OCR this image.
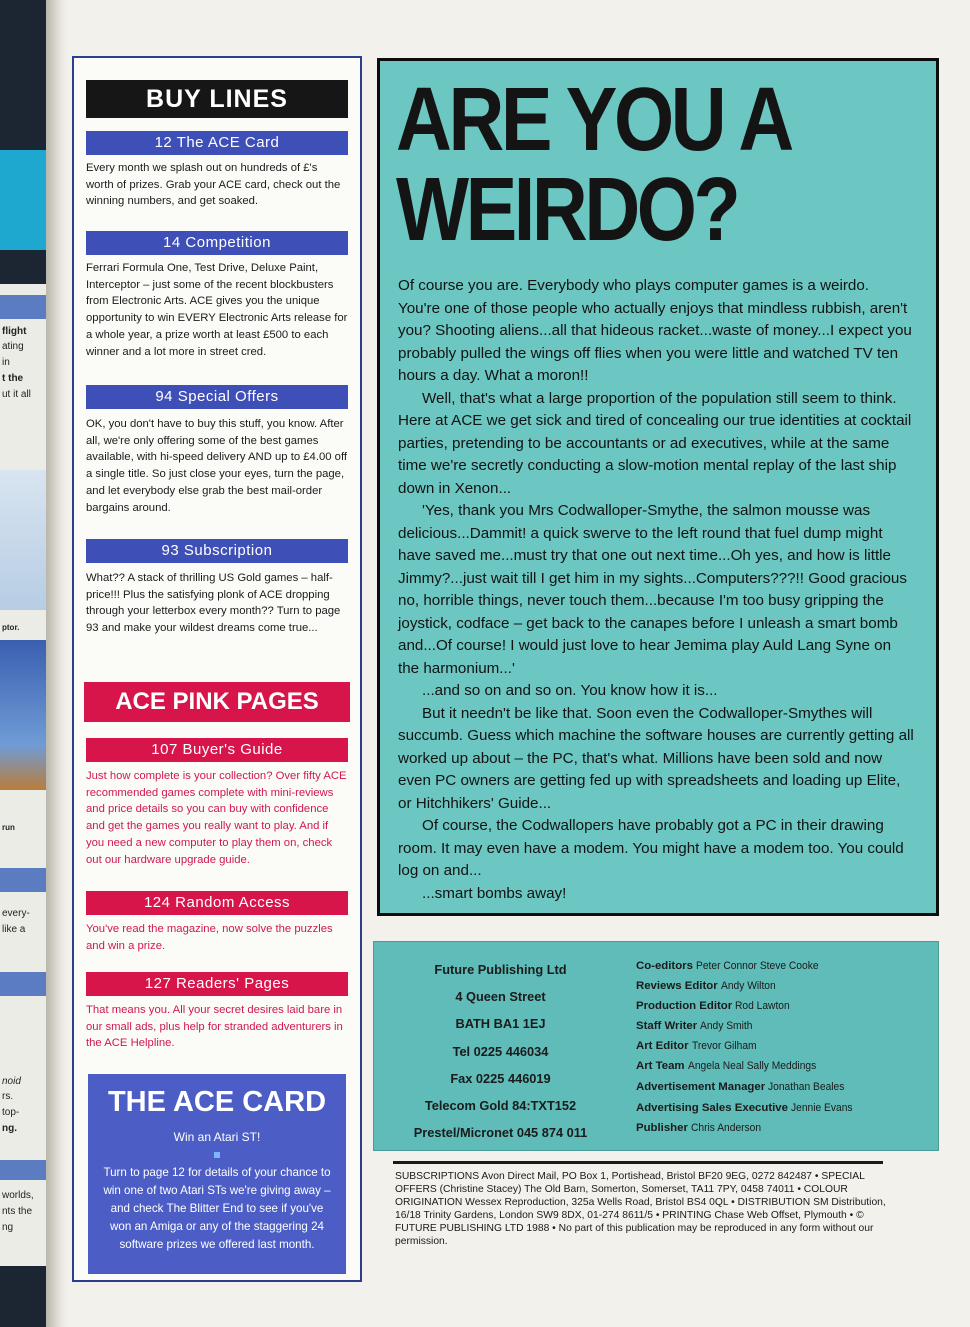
flight
ating
in
t the
ut it all
ptor.
run
every-
like a
noid
rs.
top-
ng.
worlds,
nts the
ng
BUY LINES
12 The ACE Card
Every month we splash out on hundreds of £'s worth of prizes. Grab your ACE card, check out the winning numbers, and get soaked.
14 Competition
Ferrari Formula One, Test Drive, Deluxe Paint, Interceptor – just some of the recent blockbusters from Electronic Arts. ACE gives you the unique opportunity to win EVERY Electronic Arts release for a whole year, a prize worth at least £500 to each winner and a lot more in street cred.
94 Special Offers
OK, you don't have to buy this stuff, you know. After all, we're only offering some of the best games available, with hi-speed delivery AND up to £4.00 off a single title. So just close your eyes, turn the page, and let everybody else grab the best mail-order bargains around.
93 Subscription
What?? A stack of thrilling US Gold games – half-price!!! Plus the satisfying plonk of ACE dropping through your letterbox every month?? Turn to page 93 and make your wildest dreams come true...
ACE PINK PAGES
107 Buyer's Guide
Just how complete is your collection? Over fifty ACE recommended games complete with mini-reviews and price details so you can buy with confidence and get the games you really want to play. And if you need a new computer to play them on, check out our hardware upgrade guide.
124 Random Access
You've read the magazine, now solve the puzzles and win a prize.
127 Readers' Pages
That means you. All your secret desires laid bare in our small ads, plus help for stranded adventurers in the ACE Helpline.
THE ACE CARD
Win an Atari ST!
Turn to page 12 for details of your chance to win one of two Atari STs we're giving away – and check The Blitter End to see if you've won an Amiga or any of the staggering 24 software prizes we offered last month.
ARE YOU A
WEIRDO?

Of course you are. Everybody who plays computer games is a weirdo. You're one of those people who actually enjoys that mindless rubbish, aren't you? Shooting aliens...all that hideous racket...waste of money...I expect you probably pulled the wings off flies when you were little and watched TV ten hours a day. What a moron!!

Well, that's what a large proportion of the population still seem to think. Here at ACE we get sick and tired of concealing our true identities at cocktail parties, pretending to be accountants or ad executives, while at the same time we're secretly conducting a slow-motion mental replay of the last ship down in Xenon...

'Yes, thank you Mrs Codwalloper-Smythe, the salmon mousse was delicious...Dammit! a quick swerve to the left round that fuel dump might have saved me...must try that one out next time...Oh yes, and how is little Jimmy?...just wait till I get him in my sights...Computers???!! Good gracious no, horrible things, never touch them...because I'm too busy gripping the joystick, codface – get back to the canapes before I unleash a smart bomb and...Of course! I would just love to hear Jemima play Auld Lang Syne on the harmonium...'

...and so on and so on. You know how it is...

But it needn't be like that. Soon even the Codwalloper-Smythes will succumb. Guess which machine the software houses are currently getting all worked up about – the PC, that's what. Millions have been sold and now even PC owners are getting fed up with spreadsheets and loading up Elite, or Hitchhikers' Guide...

Of course, the Codwallopers have probably got a PC in their drawing room. It may even have a modem. You might have a modem too. You could log on and...

...smart bombs away!

Future Publishing Ltd
4 Queen Street
BATH BA1 1EJ
Tel 0225 446034
Fax 0225 446019
Telecom Gold 84:TXT152
Prestel/Micronet 045 874 011
Co-editors Peter Connor Steve Cooke
Reviews Editor Andy Wilton
Production Editor Rod Lawton
Staff Writer Andy Smith
Art Editor Trevor Gilham
Art Team Angela Neal Sally Meddings
Advertisement Manager Jonathan Beales
Advertising Sales Executive Jennie Evans
Publisher Chris Anderson
SUBSCRIPTIONS Avon Direct Mail, PO Box 1, Portishead, Bristol BF20 9EG, 0272 842487 • SPECIAL OFFERS (Christine Stacey) The Old Barn, Somerton, Somerset, TA11 7PY, 0458 74011 • COLOUR ORIGINATION Wessex Reproduction, 325a Wells Road, Bristol BS4 0QL • DISTRIBUTION SM Distribution, 16/18 Trinity Gardens, London SW9 8DX, 01-274 8611/5 • PRINTING Chase Web Offset, Plymouth • © FUTURE PUBLISHING LTD 1988 • No part of this publication may be reproduced in any form without our permission.
